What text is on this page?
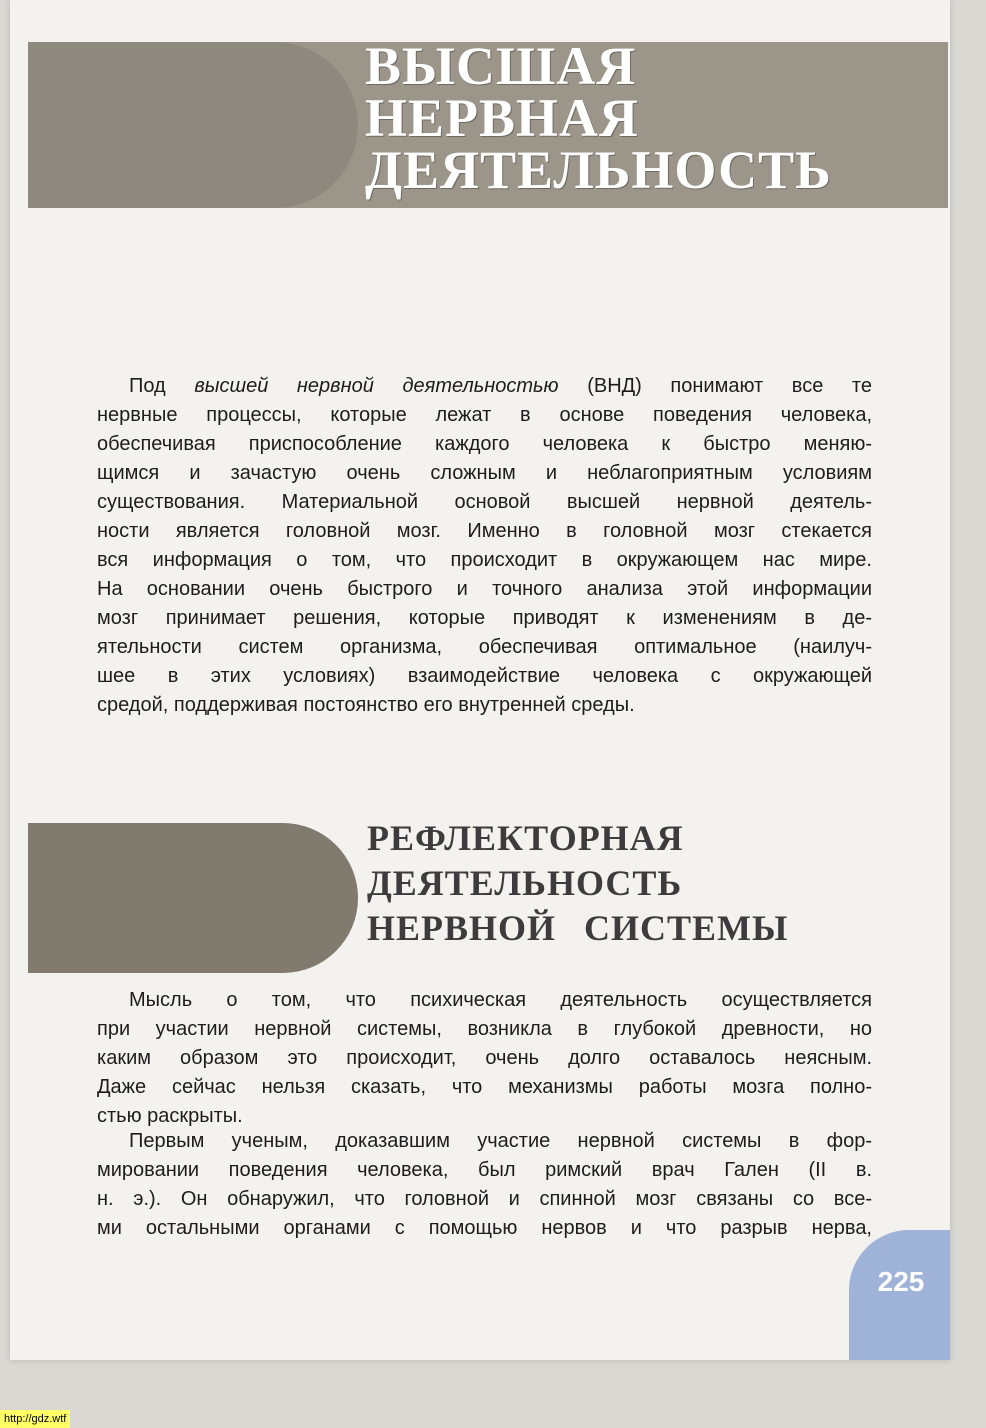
ВЫСШАЯ
НЕРВНАЯ
ДЕЯТЕЛЬНОСТЬ
Под высшей нервной деятельностью (ВНД) понимают все те
нервные процессы, которые лежат в основе поведения человека,
обеспечивая приспособление каждого человека к быстро меняю-
щимся и зачастую очень сложным и неблагоприятным условиям
существования. Материальной основой высшей нервной деятель-
ности является головной мозг. Именно в головной мозг стекается
вся информация о том, что происходит в окружающем нас мире.
На основании очень быстрого и точного анализа этой информации
мозг принимает решения, которые приводят к изменениям в де-
ятельности систем организма, обеспечивая оптимальное (наилуч-
шее в этих условиях) взаимодействие человека с окружающей
средой, поддерживая постоянство его внутренней среды.
РЕФЛЕКТОРНАЯ
ДЕЯТЕЛЬНОСТЬ
НЕРВНОЙ СИСТЕМЫ
Мысль о том, что психическая деятельность осуществляется
при участии нервной системы, возникла в глубокой древности, но
каким образом это происходит, очень долго оставалось неясным.
Даже сейчас нельзя сказать, что механизмы работы мозга полно-
стью раскрыты.
Первым ученым, доказавшим участие нервной системы в фор-
мировании поведения человека, был римский врач Гален (II в.
н. э.). Он обнаружил, что головной и спинной мозг связаны со все-
ми остальными органами с помощью нервов и что разрыв нерва,
225
http://gdz.wtf
